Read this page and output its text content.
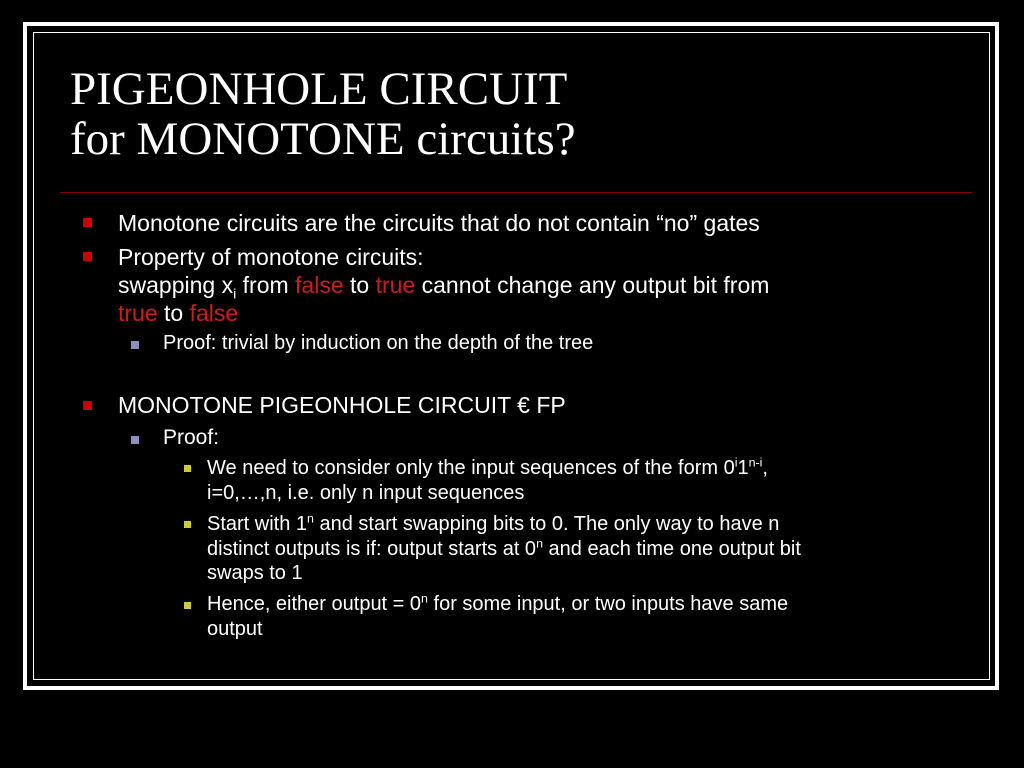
PIGEONHOLE CIRCUIT
for MONOTONE circuits?
Monotone circuits are the circuits that do not contain “no” gates
Property of monotone circuits:
swapping $x_i$ from false to true cannot change any output bit from
true to false
Proof: trivial by induction on the depth of the tree
MONOTONE PIGEONHOLE CIRCUIT € FP
Proof:
We need to consider only the input sequences of the form 0$^i$1$^{n-i}$,
i=0,…,n, i.e. only n input sequences
Start with 1$^n$ and start swapping bits to 0. The only way to have n
distinct outputs is if: output starts at 0$^n$ and each time one output bit
swaps to 1
Hence, either output = $0^n$ for some input, or two inputs have same
output
